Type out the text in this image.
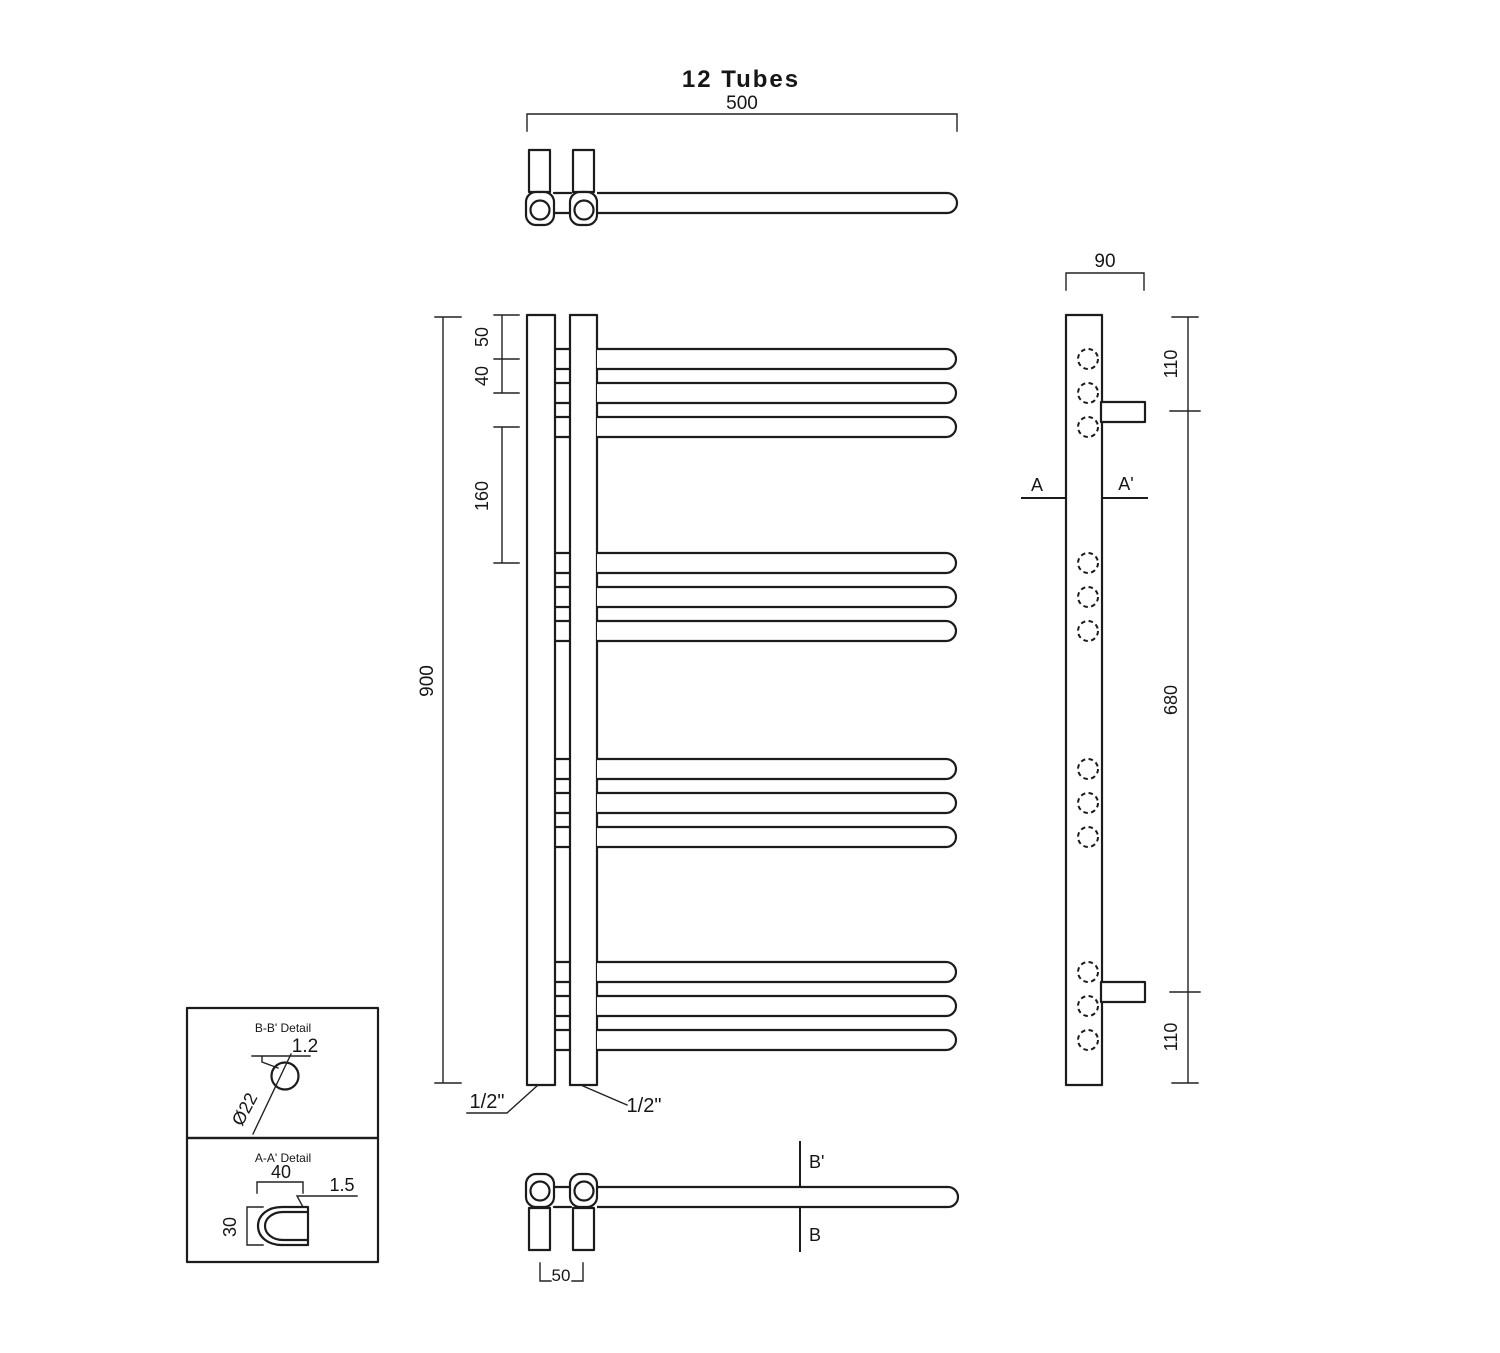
12 Tubes
500
900
50
40
160
1/2"	1/2"
90
110
680
110
A	A'
50
B'
B
B-B' Detail
1.2
Ø22
A-A' Detail
40
1.5
30
